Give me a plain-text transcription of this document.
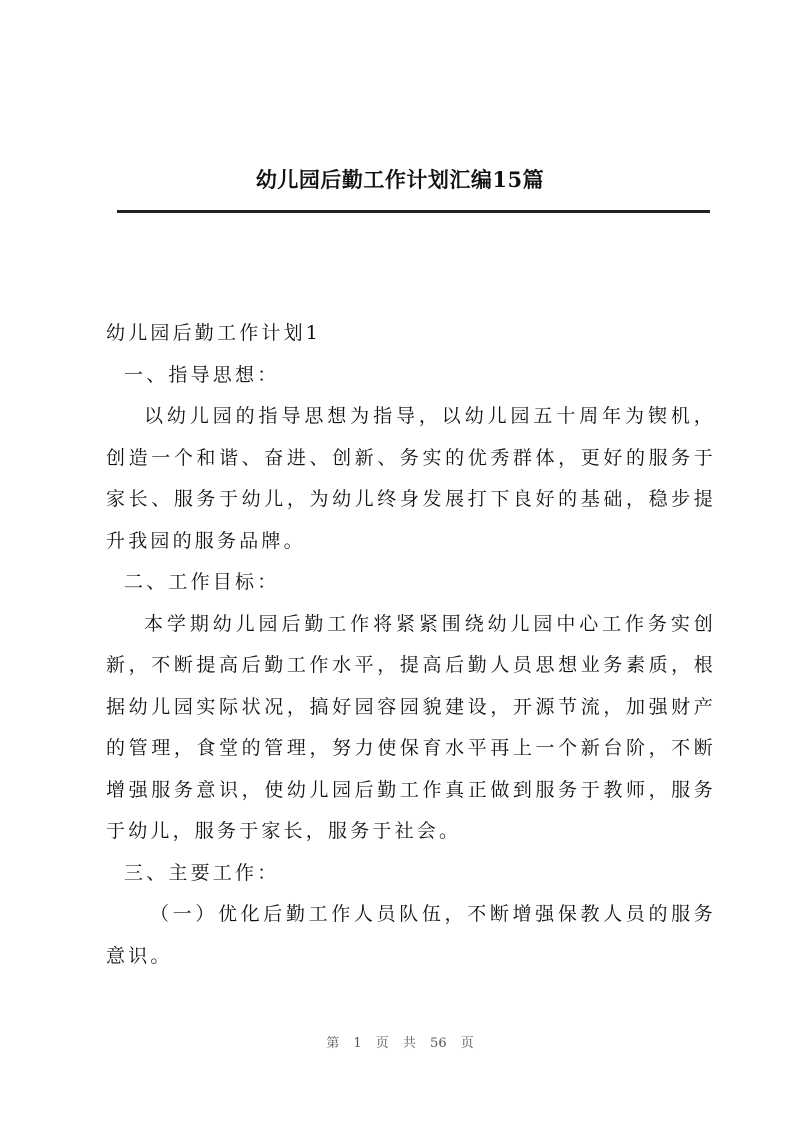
幼儿园后勤工作计划汇编15篇

幼儿园后勤工作计划1

一、指导思想：

以幼儿园的指导思想为指导，以幼儿园五十周年为锲机，创造一个和谐、奋进、创新、务实的优秀群体，更好的服务于家长、服务于幼儿，为幼儿终身发展打下良好的基础，稳步提升我园的服务品牌。

二、工作目标：

本学期幼儿园后勤工作将紧紧围绕幼儿园中心工作务实创新，不断提高后勤工作水平，提高后勤人员思想业务素质，根据幼儿园实际状况，搞好园容园貌建设，开源节流，加强财产的管理，食堂的管理，努力使保育水平再上一个新台阶，不断增强服务意识，使幼儿园后勤工作真正做到服务于教师，服务于幼儿，服务于家长，服务于社会。

三、主要工作：

（一）优化后勤工作人员队伍，不断增强保教人员的服务意识。

第 1 页 共 56 页
